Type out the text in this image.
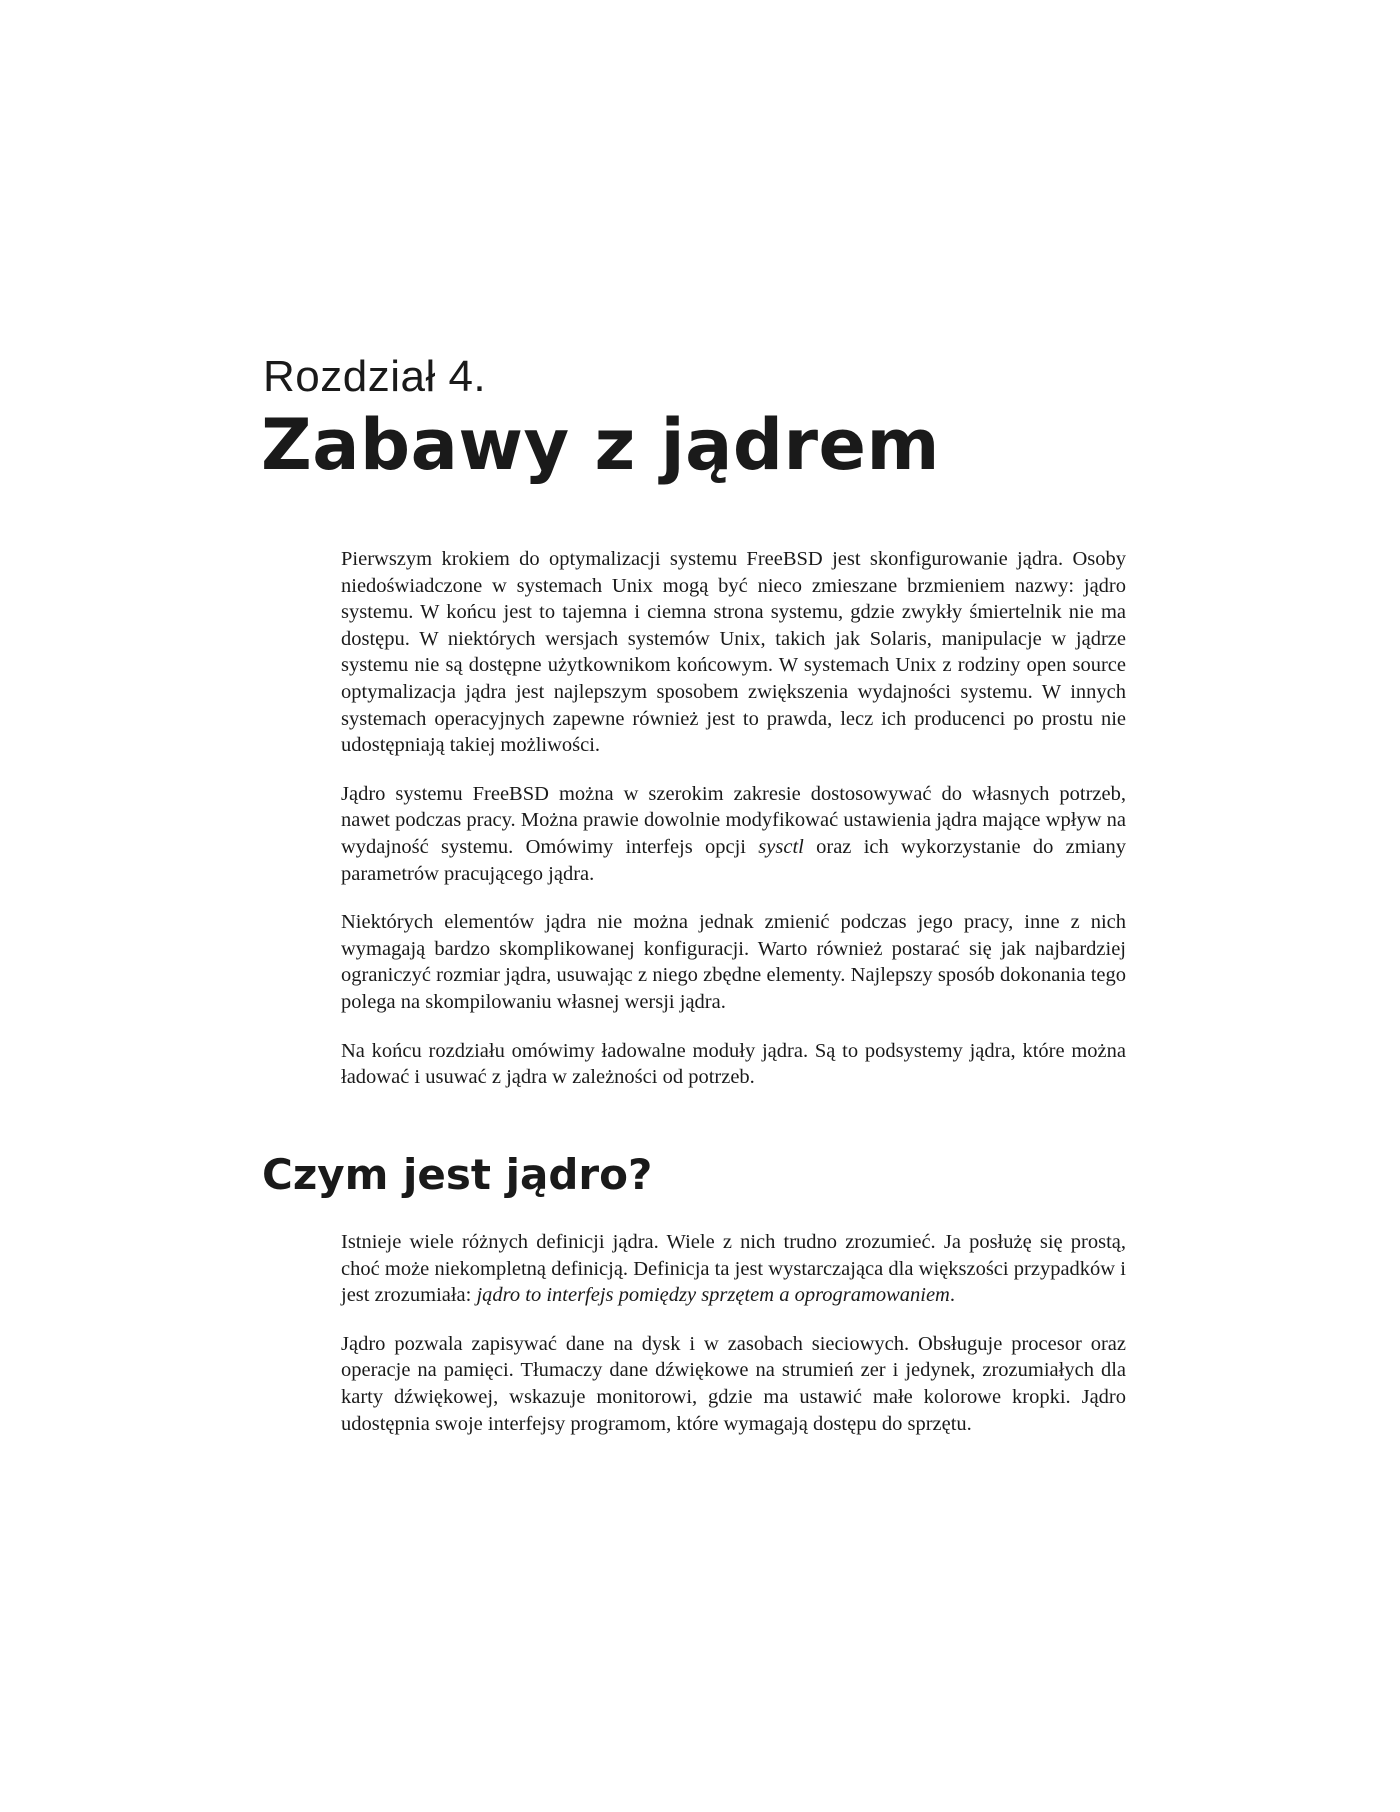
Rozdział 4.
Zabawy z jądrem

Pierwszym krokiem do optymalizacji systemu FreeBSD jest skonfigurowanie jądra. Osoby niedoświadczone w systemach Unix mogą być nieco zmieszane brzmieniem nazwy: jądro systemu. W końcu jest to tajemna i ciemna strona systemu, gdzie zwykły śmiertelnik nie ma dostępu. W niektórych wersjach systemów Unix, takich jak Solaris, manipulacje w jądrze systemu nie są dostępne użytkownikom końcowym. W systemach Unix z rodziny open source optymalizacja jądra jest najlepszym sposobem zwiększenia wydajności systemu. W innych systemach operacyjnych zapewne również jest to prawda, lecz ich producenci po prostu nie udostępniają takiej możliwości.

Jądro systemu FreeBSD można w szerokim zakresie dostosowywać do własnych potrzeb, nawet podczas pracy. Można prawie dowolnie modyfikować ustawienia jądra mające wpływ na wydajność systemu. Omówimy interfejs opcji sysctl oraz ich wykorzystanie do zmiany parametrów pracującego jądra.

Niektórych elementów jądra nie można jednak zmienić podczas jego pracy, inne z nich wymagają bardzo skomplikowanej konfiguracji. Warto również postarać się jak najbardziej ograniczyć rozmiar jądra, usuwając z niego zbędne elementy. Najlepszy sposób dokonania tego polega na skompilowaniu własnej wersji jądra.

Na końcu rozdziału omówimy ładowalne moduły jądra. Są to podsystemy jądra, które można ładować i usuwać z jądra w zależności od potrzeb.

Czym jest jądro?

Istnieje wiele różnych definicji jądra. Wiele z nich trudno zrozumieć. Ja posłużę się prostą, choć może niekompletną definicją. Definicja ta jest wystarczająca dla większości przypadków i jest zrozumiała: jądro to interfejs pomiędzy sprzętem a oprogramowaniem.

Jądro pozwala zapisywać dane na dysk i w zasobach sieciowych. Obsługuje procesor oraz operacje na pamięci. Tłumaczy dane dźwiękowe na strumień zer i jedynek, zrozumiałych dla karty dźwiękowej, wskazuje monitorowi, gdzie ma ustawić małe kolorowe kropki. Jądro udostępnia swoje interfejsy programom, które wymagają dostępu do sprzętu.
